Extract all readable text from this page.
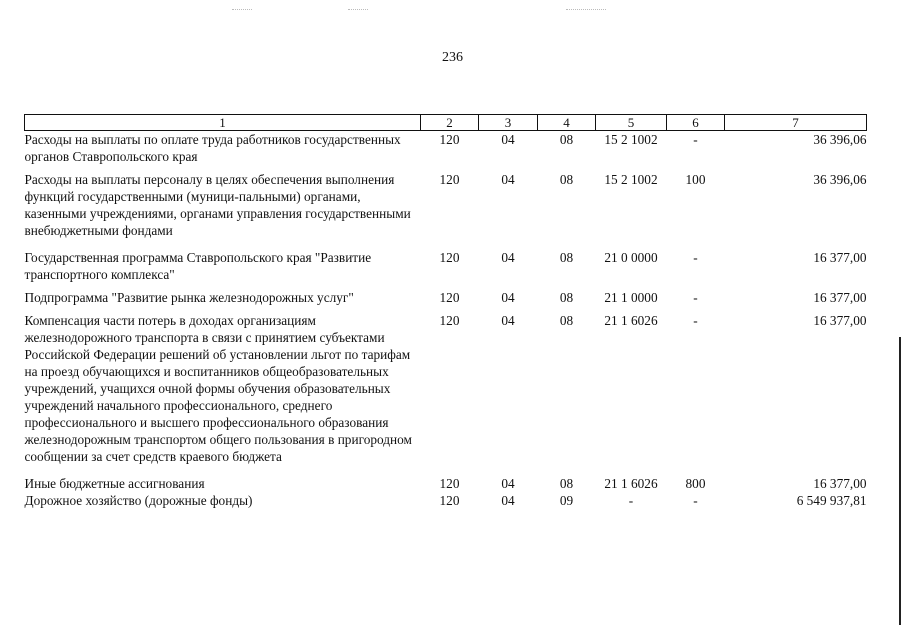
236
1	2	3	4	5	6	7
Расходы на выплаты по оплате труда работников государственных органов Ставропольского края	120	04	08	15 2 1002	-	36 396,06
Расходы на выплаты персоналу в целях обеспечения выполнения функций государственными (муници-пальными) органами, казенными учреждениями, органами управления государственными внебюджетными фондами	120	04	08	15 2 1002	100	36 396,06
Государственная программа Ставропольского края "Развитие транспортного комплекса"	120	04	08	21 0 0000	-	16 377,00
Подпрограмма "Развитие рынка железнодорожных услуг"	120	04	08	21 1 0000	-	16 377,00
Компенсация части потерь в доходах организациям железнодорожного транспорта в связи с принятием субъектами Российской Федерации решений об установлении льгот по тарифам на проезд обучающихся и воспитанников общеобразовательных учреждений, учащихся очной формы обучения образовательных учреждений начального профессионального, среднего профессионального и высшего профессионального образования железнодорожным транспортом общего пользования в пригородном сообщении за счет средств краевого бюджета	120	04	08	21 1 6026	-	16 377,00
Иные бюджетные ассигнования	120	04	08	21 1 6026	800	16 377,00
Дорожное хозяйство (дорожные фонды)	120	04	09	-	-	6 549 937,81
